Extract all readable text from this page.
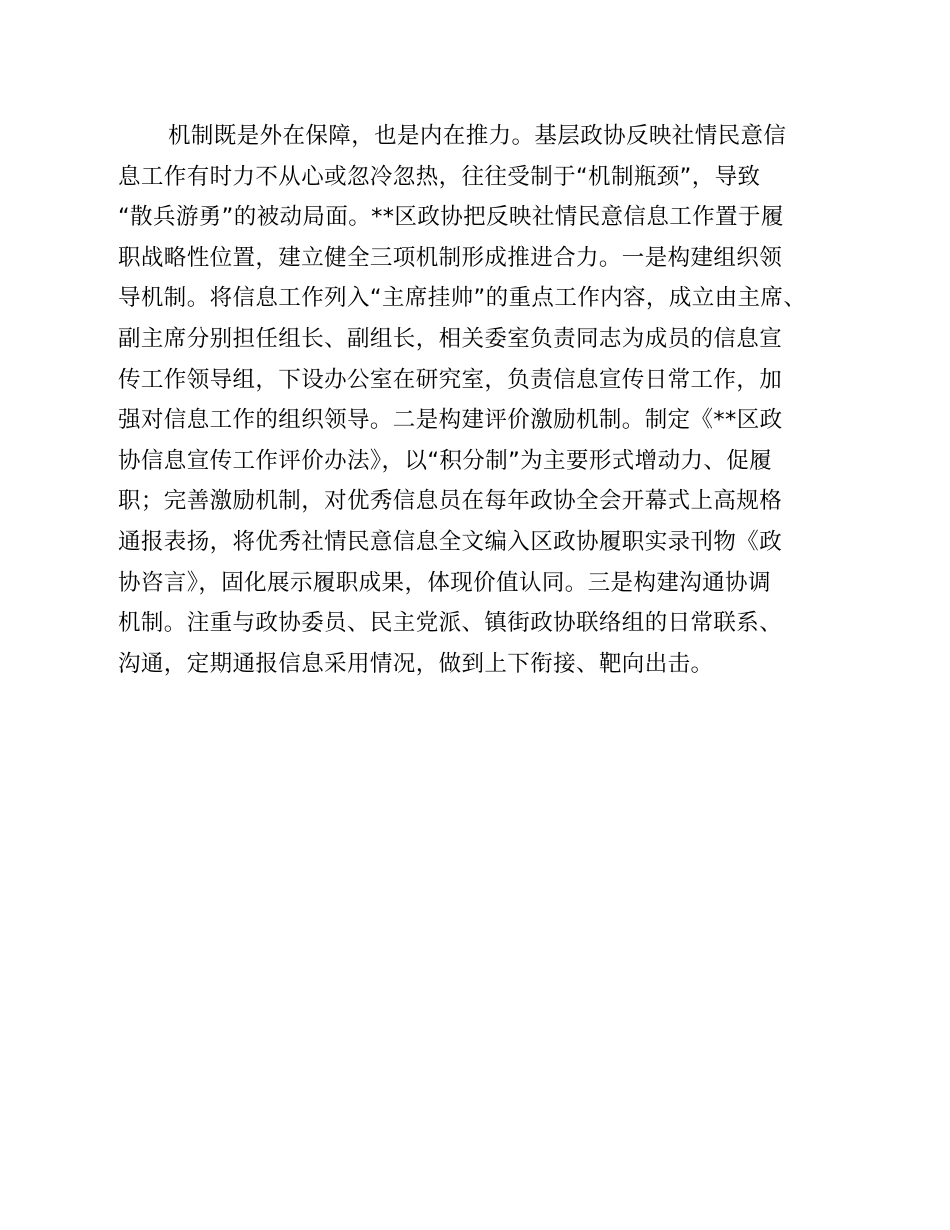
机制既是外在保障，也是内在推力。基层政协反映社情民意信
息工作有时力不从心或忽冷忽热，往往受制于“机制瓶颈”，导致
“散兵游勇”的被动局面。**区政协把反映社情民意信息工作置于履
职战略性位置，建立健全三项机制形成推进合力。一是构建组织领
导机制。将信息工作列入“主席挂帅”的重点工作内容，成立由主席、
副主席分别担任组长、副组长，相关委室负责同志为成员的信息宣
传工作领导组，下设办公室在研究室，负责信息宣传日常工作，加
强对信息工作的组织领导。二是构建评价激励机制。制定《**区政
协信息宣传工作评价办法》，以“积分制”为主要形式增动力、促履
职；完善激励机制，对优秀信息员在每年政协全会开幕式上高规格
通报表扬，将优秀社情民意信息全文编入区政协履职实录刊物《政
协咨言》，固化展示履职成果，体现价值认同。三是构建沟通协调
机制。注重与政协委员、民主党派、镇街政协联络组的日常联系、
沟通，定期通报信息采用情况，做到上下衔接、靶向出击。
